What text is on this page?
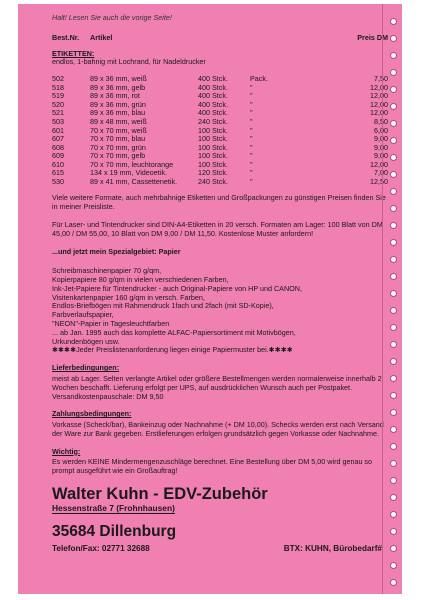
Halt! Lesen Sie auch die vorige Seite!
Best.Nr.	Artikel	Preis DM
ETIKETTEN:
endlos, 1-bahnig mit Lochrand, für Nadeldrucker
502	89 x 36 mm, weiß	400 Stck.	Pack.	7,50
518	89 x 36 mm, gelb	400 Stck.	"	12,00
519	89 x 36 mm, rot	400 Stck.	"	12,00
520	89 x 36 mm, grün	400 Stck.	"	12,00
521	89 x 36 mm, blau	400 Stck.	"	12,00
503	89 x 48 mm, weiß	240 Stck.	"	8,50
601	70 x 70 mm, weiß	100 Stck.	"	6,00
607	70 x 70 mm, blau	100 Stck.	"	9,00
608	70 x 70 mm, grün	100 Stck.	"	9,00
609	70 x 70 mm, gelb	100 Stck.	"	9,00
610	70 x 70 mm, leuchtorange	100 Stck.	"	12,00
615	134 x 19 mm, Videoetik.	120 Stck.	"	7,00
530	89 x 41 mm, Cassettenetik.	240 Stck.	"	12,50
Viele weitere Formate, auch mehrbahnige Etiketten und Großpackungen zu günstigen Preisen finden Sie in meiner Preisliste.
Für Laser- und Tintendrucker sind DIN-A4-Etiketten in 20 versch. Formaten am Lager: 100 Blatt von DM 45,00 / DM 55,00, 10 Blatt von DM 9,00 / DM 11,50. Kostenlose Muster anfordern!
...und jetzt mein Spezialgebiet: Papier
Schreibmaschinenpapier 70 g/qm,
Kopierpapiere 80 g/qm in vielen verschiedenen Farben,
Ink-Jet-Papiere für Tintendrucker - auch Original-Papiere von HP und CANON,
Visitenkartenpapier 160 g/qm in versch. Farben,
Endlos-Briefbögen mit Rahmendruck 1fach und 2fach (mit SD-Kopie),
Farbverlaufspapier,
"NEON"-Papier in Tagesleuchtfarben
... ab Jan. 1995 auch das komplette ALFAC-Papiersortiment mit Motivbögen,
Urkundenbögen usw.
✱✱✱✱Jeder Preislistenanforderung liegen einige Papiermuster bei.✱✱✱✱
Lieferbedingungen:
meist ab Lager. Selten verlangte Artikel oder größere Bestellmengen werden normalerweise innerhalb 2 Wochen beschafft. Lieferung erfolgt per UPS, auf ausdrücklichen Wunsch auch per Postpaket. Versandkostenpauschale: DM 9,50
Zahlungsbedingungen:
Vorkasse (Scheck/bar), Bankeinzug oder Nachnahme (+ DM 10,00). Schecks werden erst nach Versand der Ware zur Bank gegeben. Erstlieferungen erfolgen grundsätzlich gegen Vorkasse oder Nachnahme.
Wichtig:
Es werden KEINE Mindermengenzuschläge berechnet. Eine Bestellung über DM 5,00 wird genau so prompt ausgeführt wie ein Großauftrag!
Walter Kuhn - EDV-Zubehör
Hessenstraße 7 (Frohnhausen)
35684 Dillenburg
Telefon/Fax: 02771 32688	BTX: KUHN, Bürobedarf#
